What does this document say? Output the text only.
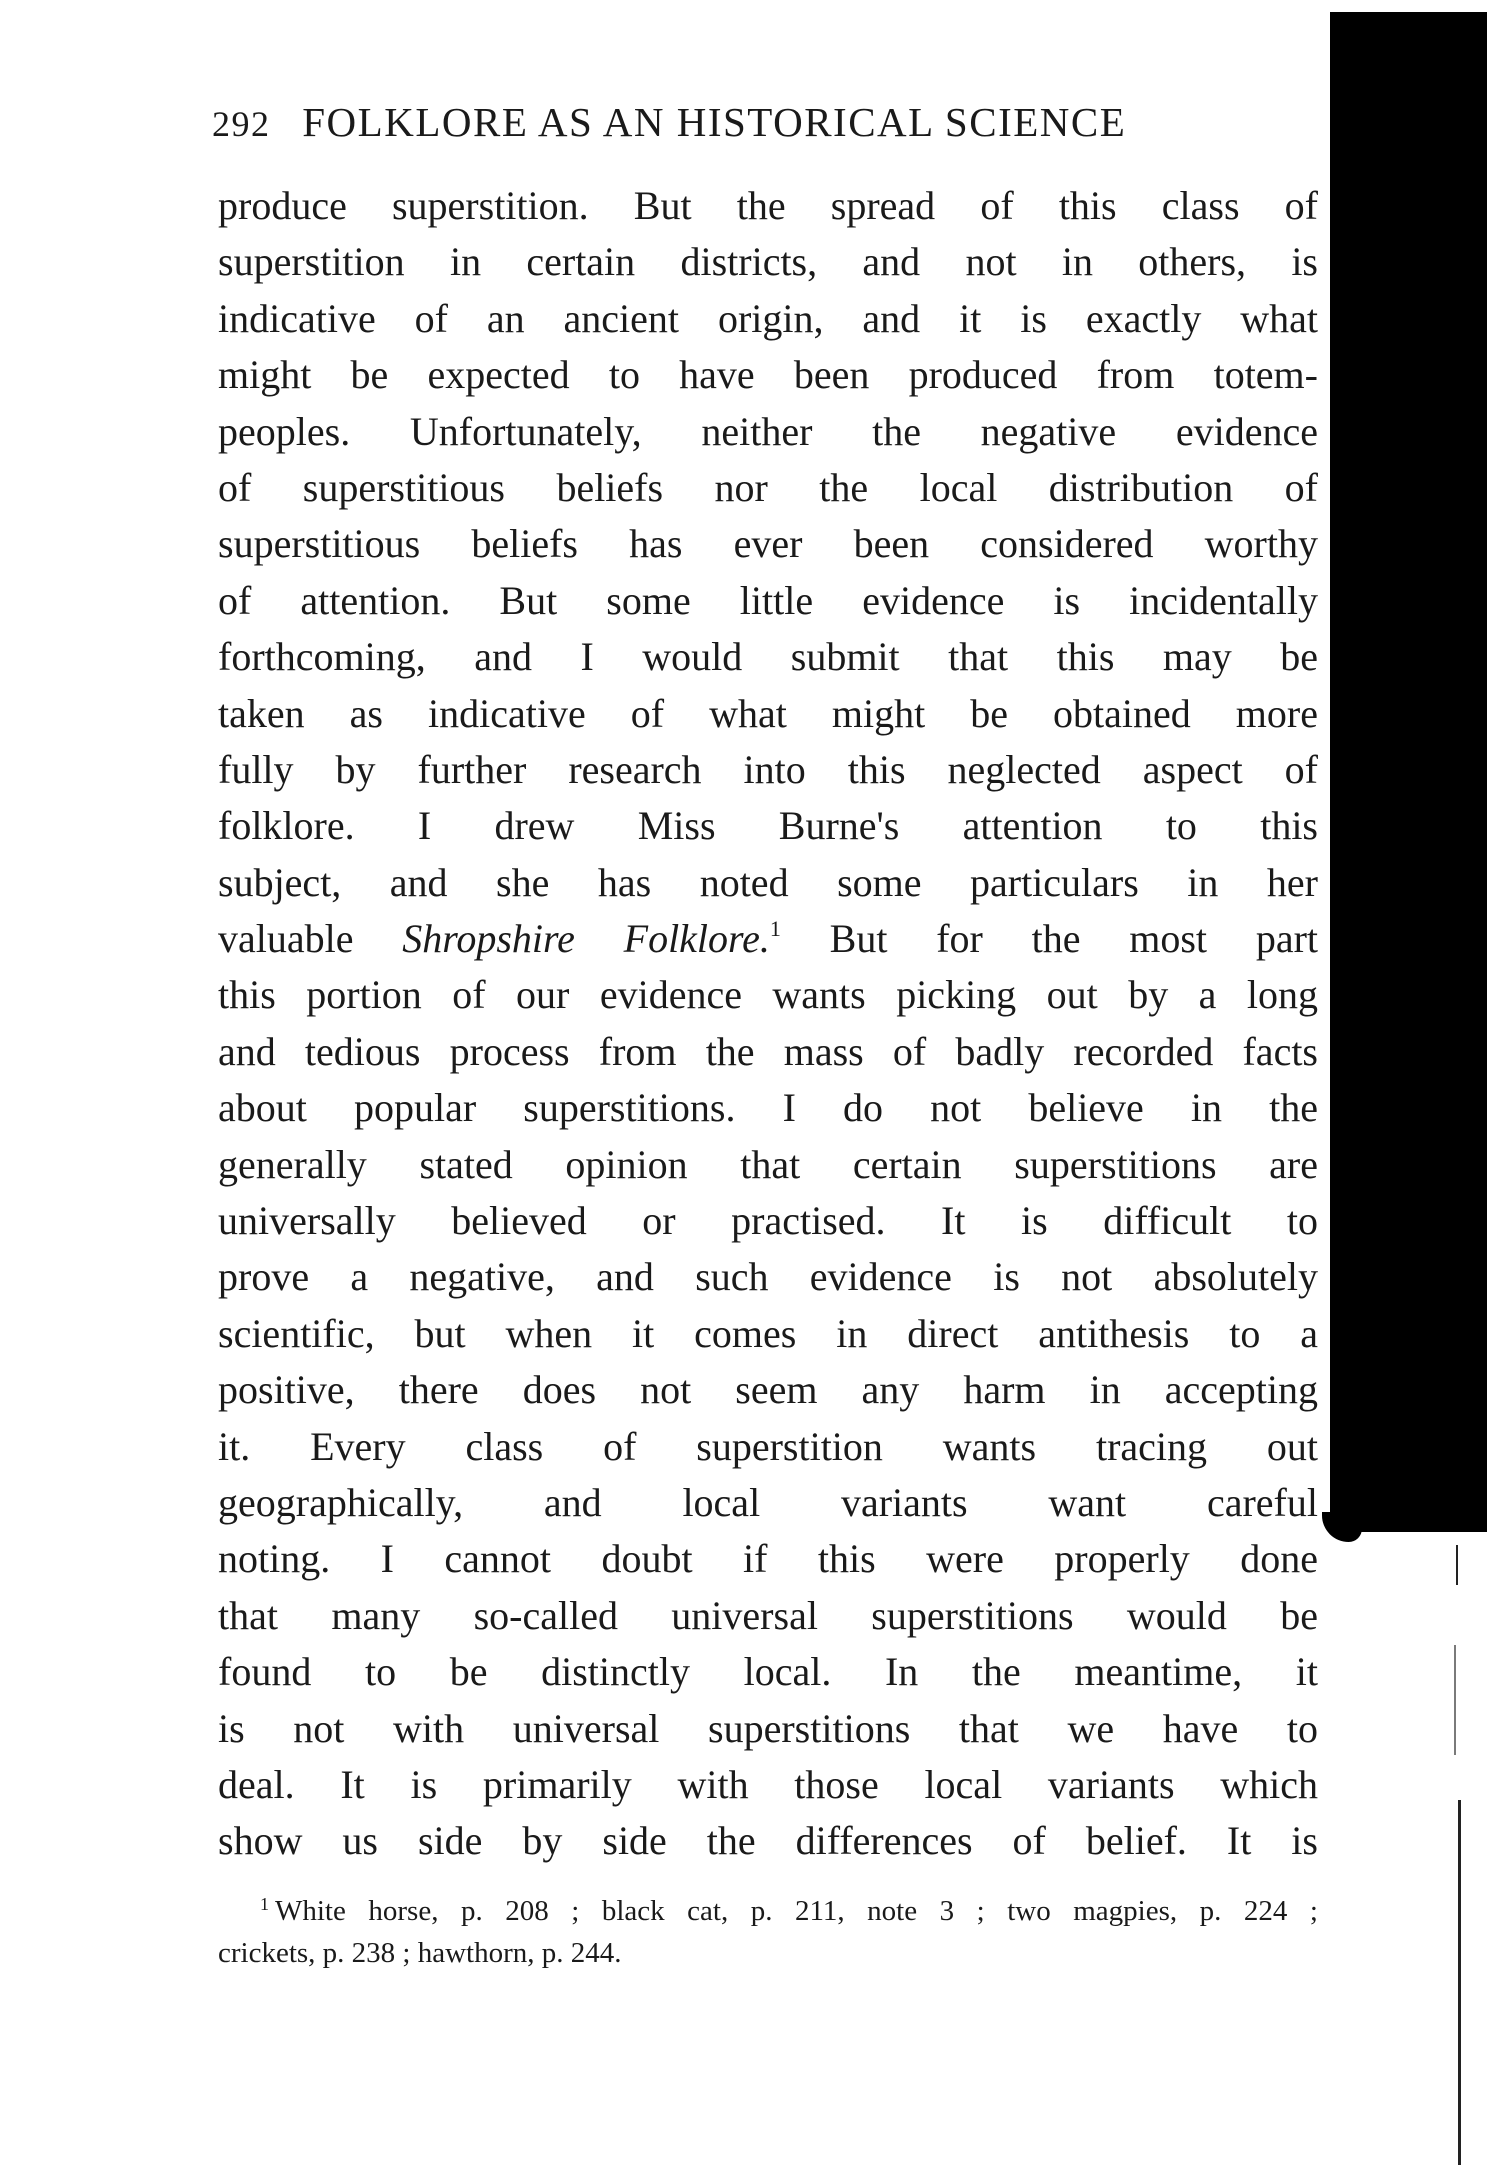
292 FOLKLORE AS AN HISTORICAL SCIENCE
produce superstition. But the spread of this class of
superstition in certain districts, and not in others, is
indicative of an ancient origin, and it is exactly what
might be expected to have been produced from totem-
peoples. Unfortunately, neither the negative evidence
of superstitious beliefs nor the local distribution of
superstitious beliefs has ever been considered worthy
of attention. But some little evidence is incidentally
forthcoming, and I would submit that this may be
taken as indicative of what might be obtained more
fully by further research into this neglected aspect of
folklore. I drew Miss Burne's attention to this
subject, and she has noted some particulars in her
valuable Shropshire Folklore.$^1$ But for the most part
this portion of our evidence wants picking out by a long
and tedious process from the mass of badly recorded facts
about popular superstitions. I do not believe in the
generally stated opinion that certain superstitions are
universally believed or practised. It is difficult to
prove a negative, and such evidence is not absolutely
scientific, but when it comes in direct antithesis to a
positive, there does not seem any harm in accepting
it. Every class of superstition wants tracing out
geographically, and local variants want careful
noting. I cannot doubt if this were properly done
that many so-called universal superstitions would be
found to be distinctly local. In the meantime, it
is not with universal superstitions that we have to
deal. It is primarily with those local variants which
show us side by side the differences of belief. It is
$^1$ White horse, p. 208 ; black cat, p. 211, note 3 ; two magpies, p. 224 ;
crickets, p. 238 ; hawthorn, p. 244.
